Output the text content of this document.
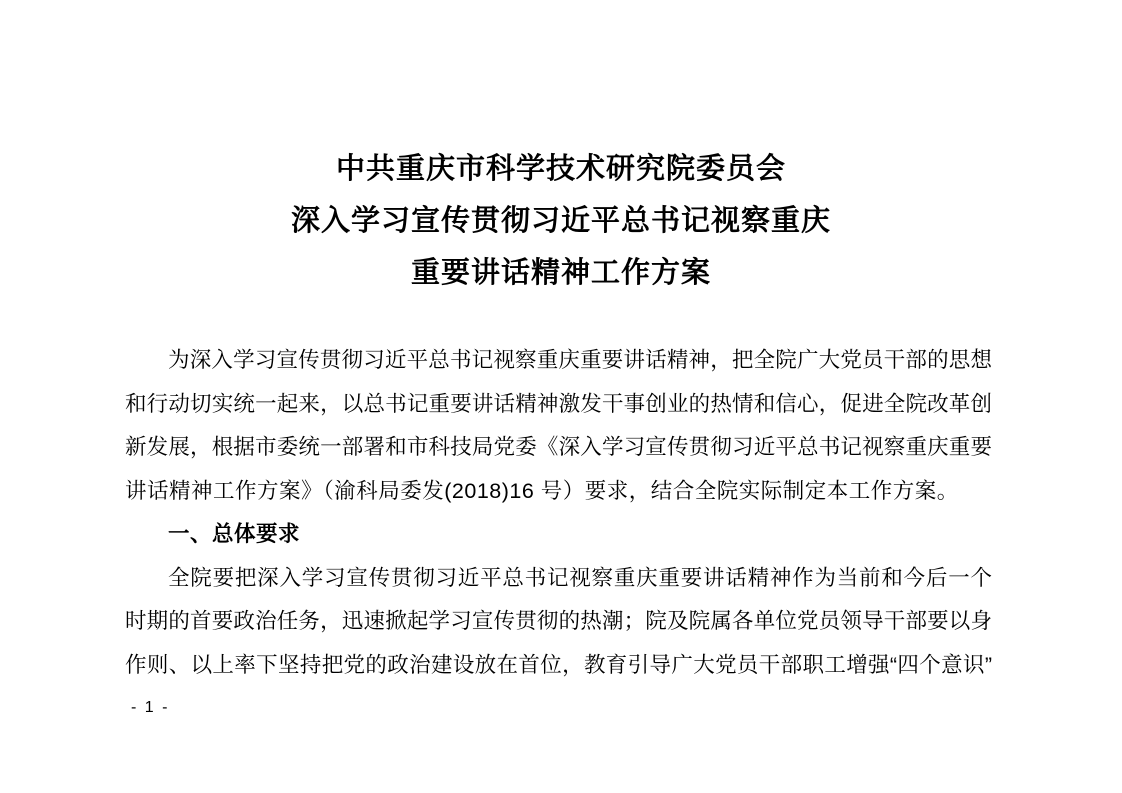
中共重庆市科学技术研究院委员会
深入学习宣传贯彻习近平总书记视察重庆
重要讲话精神工作方案
为深入学习宣传贯彻习近平总书记视察重庆重要讲话精神，把全院广大党员干部的思想
和行动切实统一起来，以总书记重要讲话精神激发干事创业的热情和信心，促进全院改革创
新发展，根据市委统一部署和市科技局党委《深入学习宣传贯彻习近平总书记视察重庆重要
讲话精神工作方案》（渝科局委发(2018)16 号）要求，结合全院实际制定本工作方案。
一、总体要求
全院要把深入学习宣传贯彻习近平总书记视察重庆重要讲话精神作为当前和今后一个
时期的首要政治任务，迅速掀起学习宣传贯彻的热潮；院及院属各单位党员领导干部要以身
作则、以上率下坚持把党的政治建设放在首位，教育引导广大党员干部职工增强“四个意识”
- 1 -
